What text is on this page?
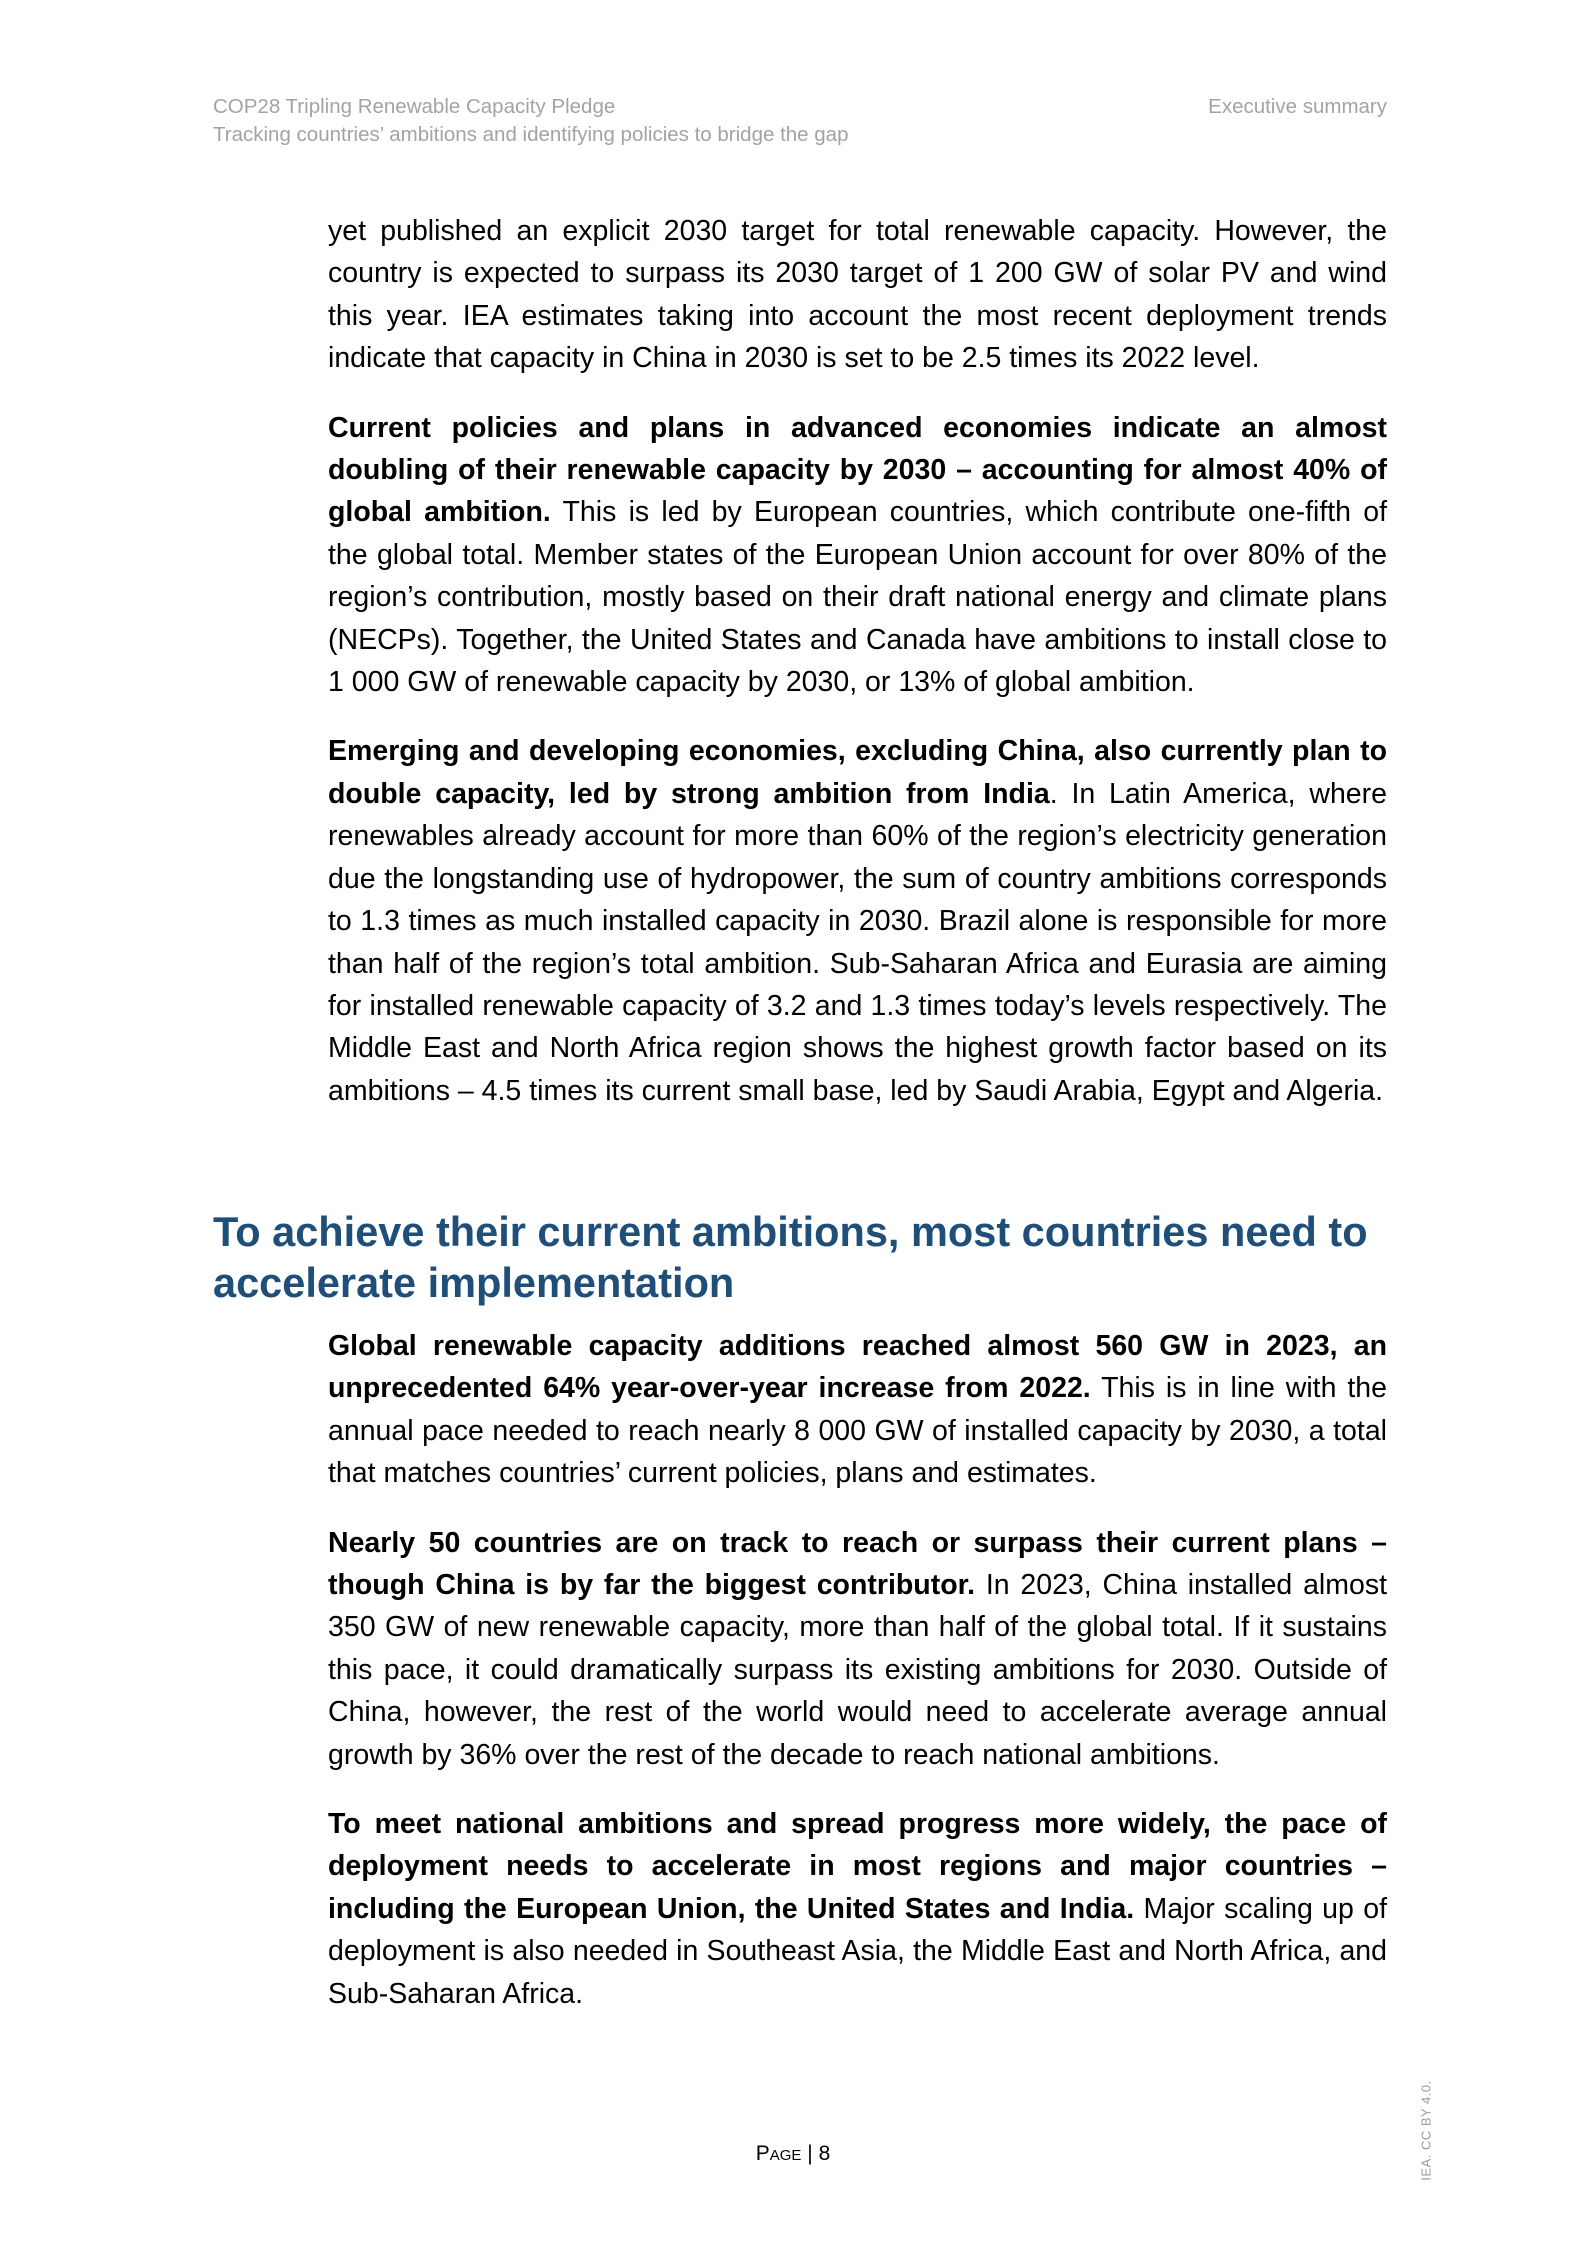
COP28 Tripling Renewable Capacity Pledge	Executive summary
Tracking countries’ ambitions and identifying policies to bridge the gap

yet published an explicit 2030 target for total renewable capacity. However, the country is expected to surpass its 2030 target of 1 200 GW of solar PV and wind this year. IEA estimates taking into account the most recent deployment trends indicate that capacity in China in 2030 is set to be 2.5 times its 2022 level.

Current policies and plans in advanced economies indicate an almost doubling of their renewable capacity by 2030 – accounting for almost 40% of global ambition. This is led by European countries, which contribute one-fifth of the global total. Member states of the European Union account for over 80% of the region’s contribution, mostly based on their draft national energy and climate plans (NECPs). Together, the United States and Canada have ambitions to install close to 1 000 GW of renewable capacity by 2030, or 13% of global ambition.

Emerging and developing economies, excluding China, also currently plan to double capacity, led by strong ambition from India. In Latin America, where renewables already account for more than 60% of the region’s electricity generation due the longstanding use of hydropower, the sum of country ambitions corresponds to 1.3 times as much installed capacity in 2030. Brazil alone is responsible for more than half of the region’s total ambition. Sub-Saharan Africa and Eurasia are aiming for installed renewable capacity of 3.2 and 1.3 times today’s levels respectively. The Middle East and North Africa region shows the highest growth factor based on its ambitions – 4.5 times its current small base, led by Saudi Arabia, Egypt and Algeria.

To achieve their current ambitions, most countries need to accelerate implementation

Global renewable capacity additions reached almost 560 GW in 2023, an unprecedented 64% year-over-year increase from 2022. This is in line with the annual pace needed to reach nearly 8 000 GW of installed capacity by 2030, a total that matches countries’ current policies, plans and estimates.

Nearly 50 countries are on track to reach or surpass their current plans – though China is by far the biggest contributor. In 2023, China installed almost 350 GW of new renewable capacity, more than half of the global total. If it sustains this pace, it could dramatically surpass its existing ambitions for 2030. Outside of China, however, the rest of the world would need to accelerate average annual growth by 36% over the rest of the decade to reach national ambitions.

To meet national ambitions and spread progress more widely, the pace of deployment needs to accelerate in most regions and major countries – including the European Union, the United States and India. Major scaling up of deployment is also needed in Southeast Asia, the Middle East and North Africa, and Sub-Saharan Africa.

Page | 8	IEA. CC BY 4.0.
